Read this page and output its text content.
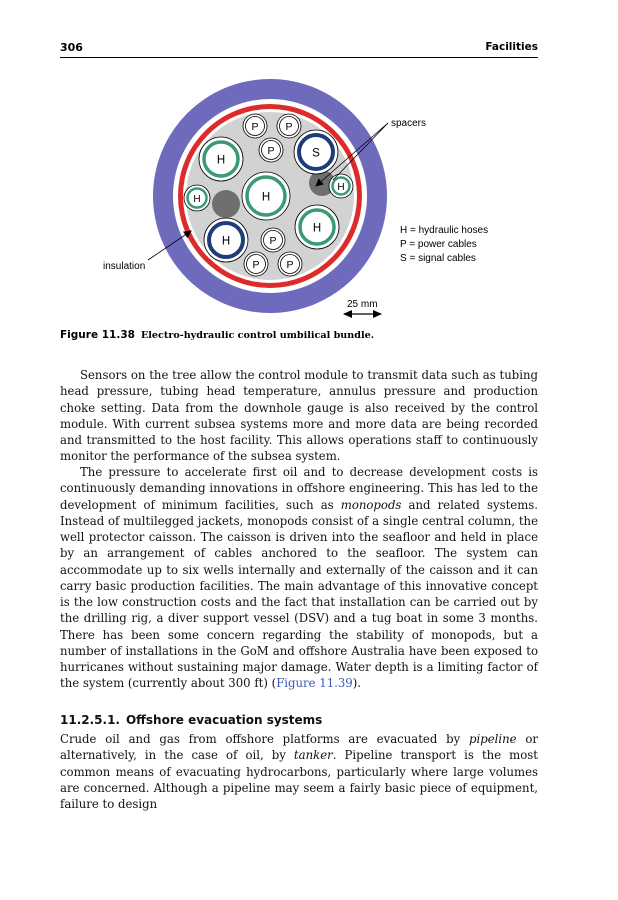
306	Facilities
H
H
H
H
H
H
S
P	P
P
P
P	P
spacers
insulation
H = hydraulic hoses
P = power cables
S = signal cables
25 mm
Figure 11.38 Electro-hydraulic control umbilical bundle.

Sensors on the tree allow the control module to transmit data such as tubing head pressure, tubing head temperature, annulus pressure and production choke setting. Data from the downhole gauge is also received by the control module. With current subsea systems more and more data are being recorded and transmitted to the host facility. This allows operations staff to continuously monitor the performance of the subsea system.

The pressure to accelerate first oil and to decrease development costs is continuously demanding innovations in offshore engineering. This has led to the development of minimum facilities, such as monopods and related systems. Instead of multilegged jackets, monopods consist of a single central column, the well protector caisson. The caisson is driven into the seafloor and held in place by an arrangement of cables anchored to the seafloor. The system can accommodate up to six wells internally and externally of the caisson and it can carry basic production facilities. The main advantage of this innovative concept is the low construction costs and the fact that installation can be carried out by the drilling rig, a diver support vessel (DSV) and a tug boat in some 3 months. There has been some concern regarding the stability of monopods, but a number of installations in the GoM and offshore Australia have been exposed to hurricanes without sustaining major damage. Water depth is a limiting factor of the system (currently about 300 ft) (Figure 11.39).

11.2.5.1. Offshore evacuation systems

Crude oil and gas from offshore platforms are evacuated by pipeline or alternatively, in the case of oil, by tanker. Pipeline transport is the most common means of evacuating hydrocarbons, particularly where large volumes are concerned. Although a pipeline may seem a fairly basic piece of equipment, failure to design
